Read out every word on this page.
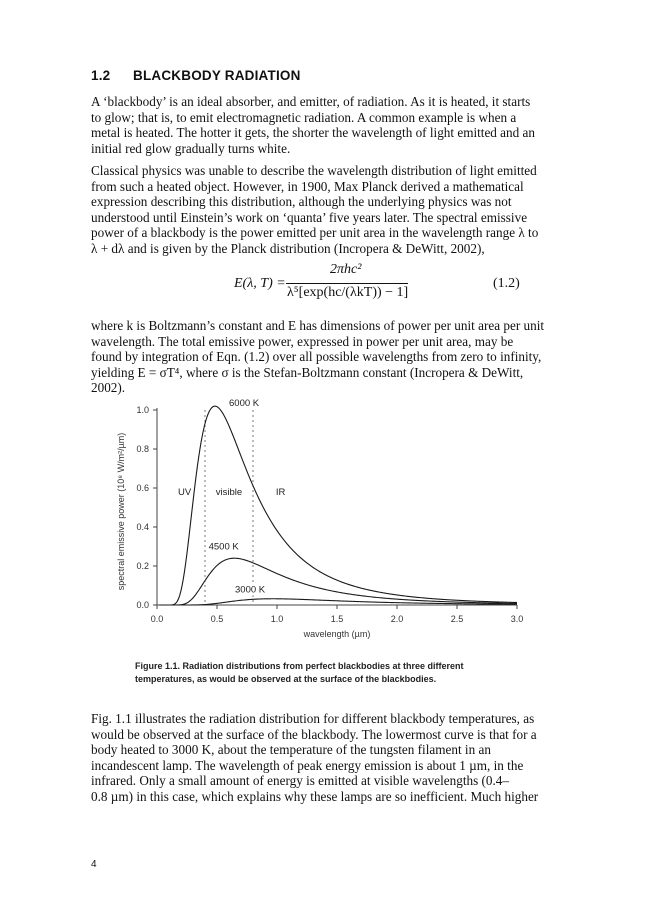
1.2 BLACKBODY RADIATION

A ‘blackbody’ is an ideal absorber, and emitter, of radiation. As it is heated, it starts
to glow; that is, to emit electromagnetic radiation. A common example is when a
metal is heated. The hotter it gets, the shorter the wavelength of light emitted and an
initial red glow gradually turns white.

Classical physics was unable to describe the wavelength distribution of light emitted
from such a heated object. However, in 1900, Max Planck derived a mathematical
expression describing this distribution, although the underlying physics was not
understood until Einstein’s work on ‘quanta’ five years later. The spectral emissive
power of a blackbody is the power emitted per unit area in the wavelength range λ to
λ + dλ and is given by the Planck distribution (Incropera & DeWitt, 2002),

E(λ, T) =
2πhc²
λ⁵[exp(hc/(λkT)) − 1]
(1.2)

where k is Boltzmann’s constant and E has dimensions of power per unit area per unit
wavelength. The total emissive power, expressed in power per unit area, may be
found by integration of Eqn. (1.2) over all possible wavelengths from zero to infinity,
yielding E = σT⁴, where σ is the Stefan-Boltzmann constant (Incropera & DeWitt,
2002).

0.0	0.5	1.0	1.5	2.0	2.5	3.0
0.0
0.2
0.4
0.6
0.8
1.0
wavelength (µm)
spectral emissive power (10⁸ W/m²/µm)
6000 K
4500 K
3000 K
UV	visible	IR

Figure 1.1. Radiation distributions from perfect blackbodies at three different
temperatures, as would be observed at the surface of the blackbodies.

Fig. 1.1 illustrates the radiation distribution for different blackbody temperatures, as
would be observed at the surface of the blackbody. The lowermost curve is that for a
body heated to 3000 K, about the temperature of the tungsten filament in an
incandescent lamp. The wavelength of peak energy emission is about 1 µm, in the
infrared. Only a small amount of energy is emitted at visible wavelengths (0.4–
0.8 µm) in this case, which explains why these lamps are so inefficient. Much higher

4
